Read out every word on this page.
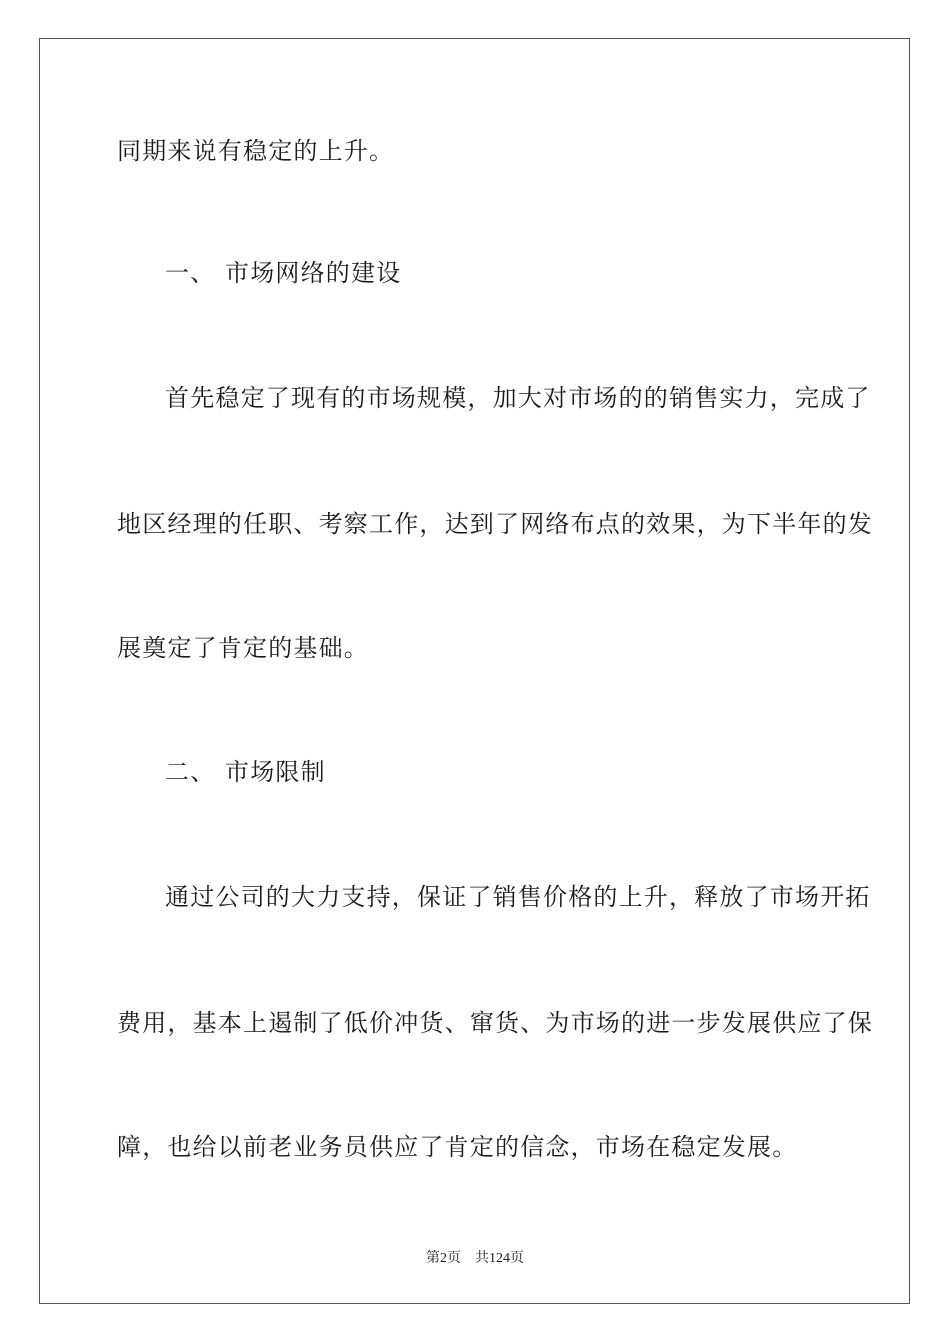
同期来说有稳定的上升。
一、 市场网络的建设
首先稳定了现有的市场规模，加大对市场的的销售实力，完成了
地区经理的任职、考察工作，达到了网络布点的效果，为下半年的发
展奠定了肯定的基础。
二、 市场限制
通过公司的大力支持，保证了销售价格的上升，释放了市场开拓
费用，基本上遏制了低价冲货、窜货、为市场的进一步发展供应了保
障，也给以前老业务员供应了肯定的信念，市场在稳定发展。
第2页 共124页
